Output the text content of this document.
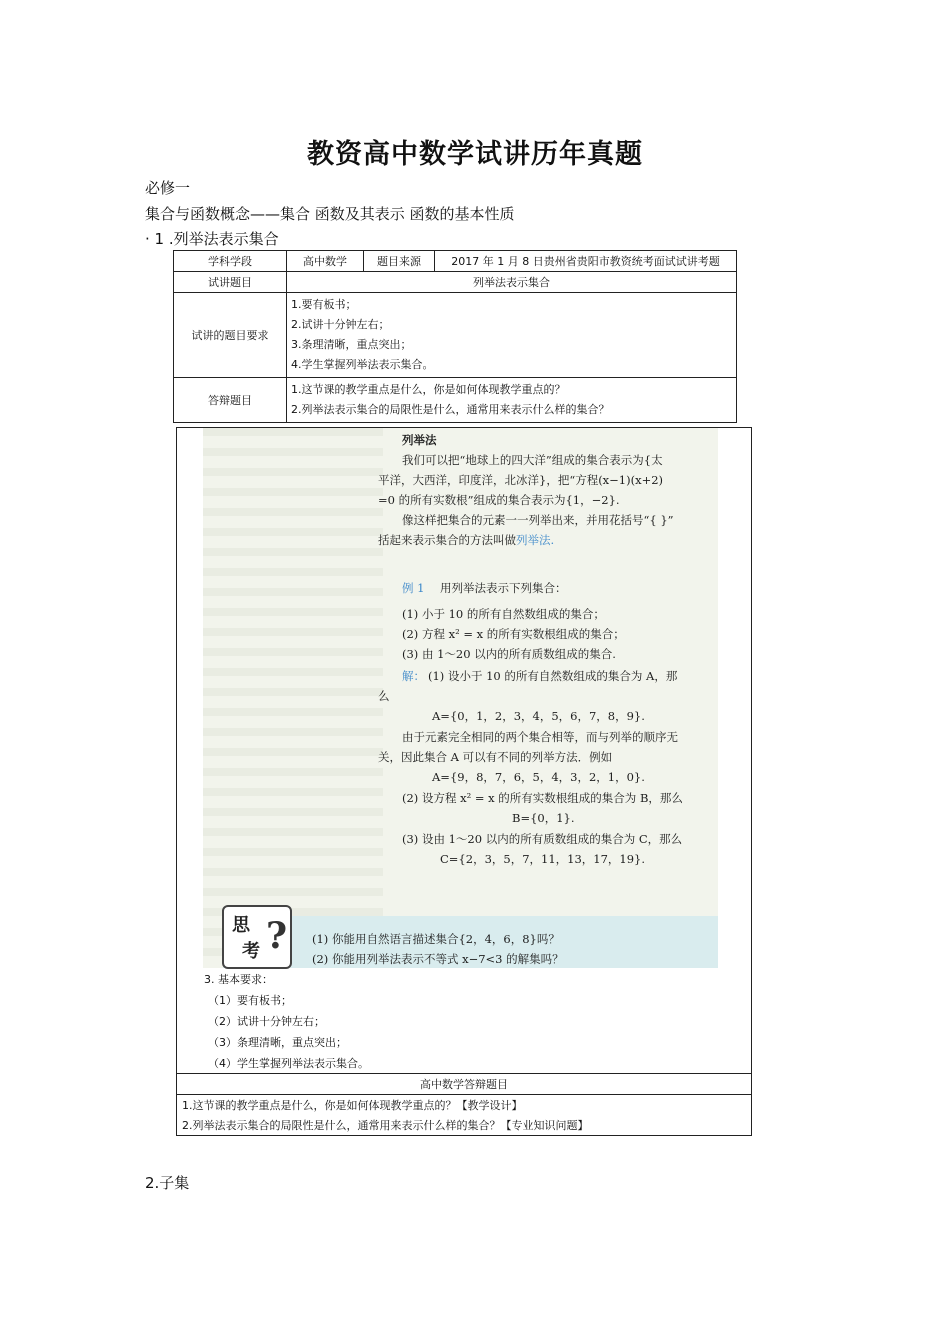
教资高中数学试讲历年真题
必修一
集合与函数概念——集合 函数及其表示 函数的基本性质
· 1 .列举法表示集合
学科学段	高中数学	题目来源	2017 年 1 月 8 日贵州省贵阳市教资统考面试试讲考题
试讲题目	列举法表示集合		
试讲的题目要求	1.要有板书；
2.试讲十分钟左右；
3.条理清晰，重点突出；
4.学生掌握列举法表示集合。		

答辩题目	1.这节课的教学重点是什么，你是如何体现教学重点的？
2.列举法表示集合的局限性是什么，通常用来表示什么样的集合？		
列举法
我们可以把“地球上的四大洋”组成的集合表示为{太
平洋，大西洋，印度洋，北冰洋}，把“方程(x−1)(x+2)
=0 的所有实数根”组成的集合表示为{1，−2}.
像这样把集合的元素一一列举出来，并用花括号“{ }”
括起来表示集合的方法叫做列举法.
例 1 用列举法表示下列集合：
(1) 小于 10 的所有自然数组成的集合；
(2) 方程 x² = x 的所有实数根组成的集合；
(3) 由 1～20 以内的所有质数组成的集合.
解： (1) 设小于 10 的所有自然数组成的集合为 A，那
么
A={0，1，2，3，4，5，6，7，8，9}.
由于元素完全相同的两个集合相等，而与列举的顺序无
关，因此集合 A 可以有不同的列举方法．例如
A={9，8，7，6，5，4，3，2，1，0}.
(2) 设方程 x² = x 的所有实数根组成的集合为 B，那么
B={0，1}.
(3) 设由 1～20 以内的所有质数组成的集合为 C，那么
C={2，3，5，7，11，13，17，19}.
思
考 ? (1) 你能用自然语言描述集合{2，4，6，8}吗？
(2) 你能用列举法表示不等式 x−7<3 的解集吗？
3. 基本要求：
（1）要有板书；
（2）试讲十分钟左右；
（3）条理清晰，重点突出；
（4）学生掌握列举法表示集合。
高中数学答辩题目
1.这节课的教学重点是什么，你是如何体现教学重点的？【教学设计】
2.列举法表示集合的局限性是什么，通常用来表示什么样的集合？【专业知识问题】
2.子集
